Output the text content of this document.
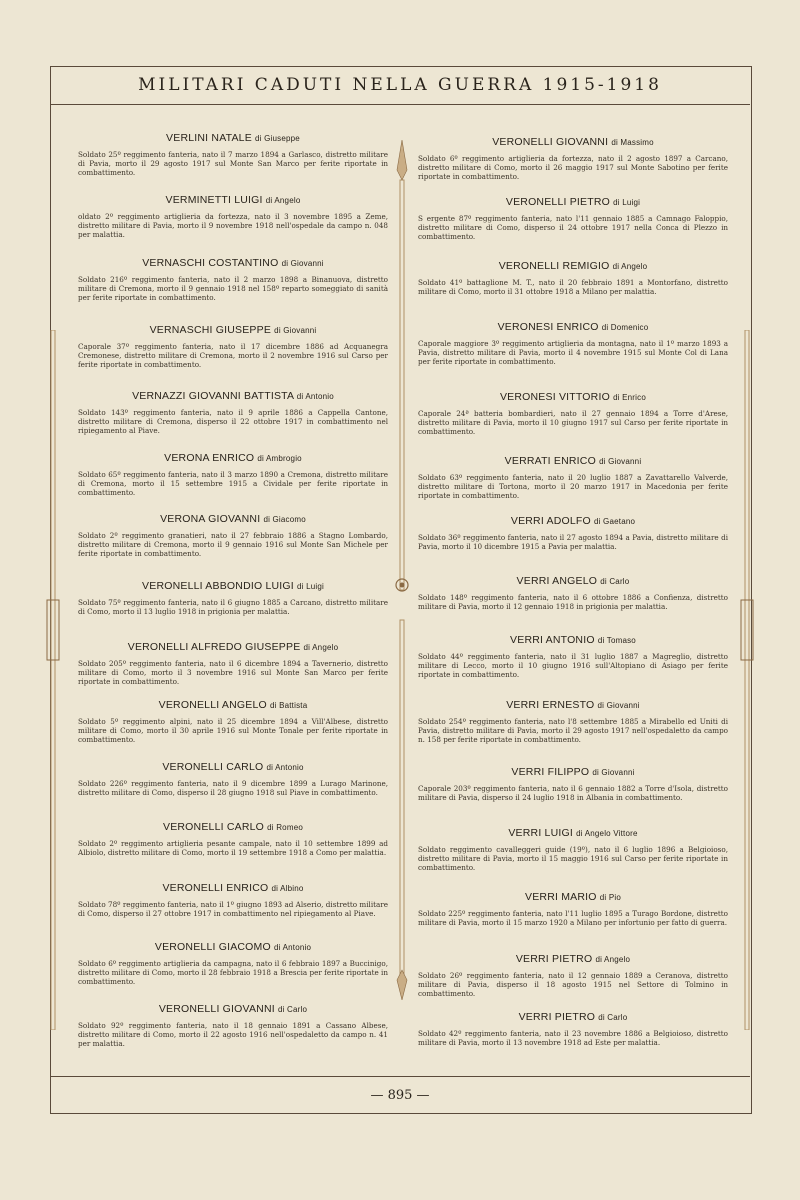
MILITARI CADUTI NELLA GUERRA 1915-1918
VERLINI NATALE di Giuseppe
Soldato 25º reggimento fanteria, nato il 7 marzo 1894 a Garlasco, distretto militare di Pavia, morto il 29 agosto 1917 sul Monte San Marco per ferite riportate in combattimento.
VERMINETTI LUIGI di Angelo
oldato 2º reggimento artiglieria da fortezza, nato il 3 novembre 1895 a Zeme, distretto militare di Pavia, morto il 9 novembre 1918 nell'ospedale da campo n. 048 per malattia.
VERNASCHI COSTANTINO di Giovanni
Soldato 216º reggimento fanteria, nato il 2 marzo 1898 a Binanuova, distretto militare di Cremona, morto il 9 gennaio 1918 nel 158º reparto someggiato di sanità per ferite riportate in combattimento.
VERNASCHI GIUSEPPE di Giovanni
Caporale 37º reggimento fanteria, nato il 17 dicembre 1886 ad Acquanegra Cremonese, distretto militare di Cremona, morto il 2 novembre 1916 sul Carso per ferite riportate in combattimento.
VERNAZZI GIOVANNI BATTISTA di Antonio
Soldato 143º reggimento fanteria, nato il 9 aprile 1886 a Cappella Cantone, distretto militare di Cremona, disperso il 22 ottobre 1917 in combattimento nel ripiegamento al Piave.
VERONA ENRICO di Ambrogio
Soldato 65º reggimento fanteria, nato il 3 marzo 1890 a Cremona, distretto militare di Cremona, morto il 15 settembre 1915 a Cividale per ferite riportate in combattimento.
VERONA GIOVANNI di Giacomo
Soldato 2º reggimento granatieri, nato il 27 febbraio 1886 a Stagno Lombardo, distretto militare di Cremona, morto il 9 gennaio 1916 sul Monte San Michele per ferite riportate in combattimento.
VERONELLI ABBONDIO LUIGI di Luigi
Soldato 75º reggimento fanteria, nato il 6 giugno 1885 a Carcano, distretto militare di Como, morto il 13 luglio 1918 in prigionia per malattia.
VERONELLI ALFREDO GIUSEPPE di Angelo
Soldato 205º reggimento fanteria, nato il 6 dicembre 1894 a Tavernerio, distretto militare di Como, morto il 3 novembre 1916 sul Monte San Marco per ferite riportate in combattimento.
VERONELLI ANGELO di Battista
Soldato 5º reggimento alpini, nato il 25 dicembre 1894 a Vill'Albese, distretto militare di Como, morto il 30 aprile 1916 sul Monte Tonale per ferite riportate in combattimento.
VERONELLI CARLO di Antonio
Soldato 226º reggimento fanteria, nato il 9 dicembre 1899 a Lurago Marinone, distretto militare di Como, disperso il 28 giugno 1918 sul Piave in combattimento.
VERONELLI CARLO di Romeo
Soldato 2º reggimento artiglieria pesante campale, nato il 10 settembre 1899 ad Albiolo, distretto militare di Como, morto il 19 settembre 1918 a Como per malattia.
VERONELLI ENRICO di Albino
Soldato 78º reggimento fanteria, nato il 1º giugno 1893 ad Alserio, distretto militare di Como, disperso il 27 ottobre 1917 in combattimento nel ripiegamento al Piave.
VERONELLI GIACOMO di Antonio
Soldato 6º reggimento artiglieria da campagna, nato il 6 febbraio 1897 a Buccinigo, distretto militare di Como, morto il 28 febbraio 1918 a Brescia per ferite riportate in combattimento.
VERONELLI GIOVANNI di Carlo
Soldato 92º reggimento fanteria, nato il 18 gennaio 1891 a Cassano Albese, distretto militare di Como, morto il 22 agosto 1916 nell'ospedaletto da campo n. 41 per malattia.
VERONELLI GIOVANNI di Massimo
Soldato 6º reggimento artiglieria da fortezza, nato il 2 agosto 1897 a Carcano, distretto militare di Como, morto il 26 maggio 1917 sul Monte Sabotino per ferite riportate in combattimento.
VERONELLI PIETRO di Luigi
S ergente 87º reggimento fanteria, nato l'11 gennaio 1885 a Camnago Faloppio, distretto militare di Como, disperso il 24 ottobre 1917 nella Conca di Plezzo in combattimento.
VERONELLI REMIGIO di Angelo
Soldato 41º battaglione M. T., nato il 20 febbraio 1891 a Montorfano, distretto militare di Como, morto il 31 ottobre 1918 a Milano per malattia.
VERONESI ENRICO di Domenico
Caporale maggiore 3º reggimento artiglieria da montagna, nato il 1º marzo 1893 a Pavia, distretto militare di Pavia, morto il 4 novembre 1915 sul Monte Col di Lana per ferite riportate in combattimento.
VERONESI VITTORIO di Enrico
Caporale 24ª batteria bombardieri, nato il 27 gennaio 1894 a Torre d'Arese, distretto militare di Pavia, morto il 10 giugno 1917 sul Carso per ferite riportate in combattimento.
VERRATI ENRICO di Giovanni
Soldato 63º reggimento fanteria, nato il 20 luglio 1887 a Zavattarello Valverde, distretto militare di Tortona, morto il 20 marzo 1917 in Macedonia per ferite riportate in combattimento.
VERRI ADOLFO di Gaetano
Soldato 36º reggimento fanteria, nato il 27 agosto 1894 a Pavia, distretto militare di Pavia, morto il 10 dicembre 1915 a Pavia per malattia.
VERRI ANGELO di Carlo
Soldato 148º reggimento fanteria, nato il 6 ottobre 1886 a Confienza, distretto militare di Pavia, morto il 12 gennaio 1918 in prigionia per malattia.
VERRI ANTONIO di Tomaso
Soldato 44º reggimento fanteria, nato il 31 luglio 1887 a Magreglio, distretto militare di Lecco, morto il 10 giugno 1916 sull'Altopiano di Asiago per ferite riportate in combattimento.
VERRI ERNESTO di Giovanni
Soldato 254º reggimento fanteria, nato l'8 settembre 1885 a Mirabello ed Uniti di Pavia, distretto militare di Pavia, morto il 29 agosto 1917 nell'ospedaletto da campo n. 158 per ferite riportate in combattimento.
VERRI FILIPPO di Giovanni
Caporale 203º reggimento fanteria, nato il 6 gennaio 1882 a Torre d'Isola, distretto militare di Pavia, disperso il 24 luglio 1918 in Albania in combattimento.
VERRI LUIGI di Angelo Vittore
Soldato reggimento cavalleggeri guide (19º), nato il 6 luglio 1896 a Belgioioso, distretto militare di Pavia, morto il 15 maggio 1916 sul Carso per ferite riportate in combattimento.
VERRI MARIO di Pio
Soldato 225º reggimento fanteria, nato l'11 luglio 1895 a Turago Bordone, distretto militare di Pavia, morto il 15 marzo 1920 a Milano per infortunio per fatto di guerra.
VERRI PIETRO di Angelo
Soldato 26º reggimento fanteria, nato il 12 gennaio 1889 a Ceranova, distretto militare di Pavia, disperso il 18 agosto 1915 nel Settore di Tolmino in combattimento.
VERRI PIETRO di Carlo
Soldato 42º reggimento fanteria, nato il 23 novembre 1886 a Belgioioso, distretto militare di Pavia, morto il 13 novembre 1918 ad Este per malattia.
— 895 —
